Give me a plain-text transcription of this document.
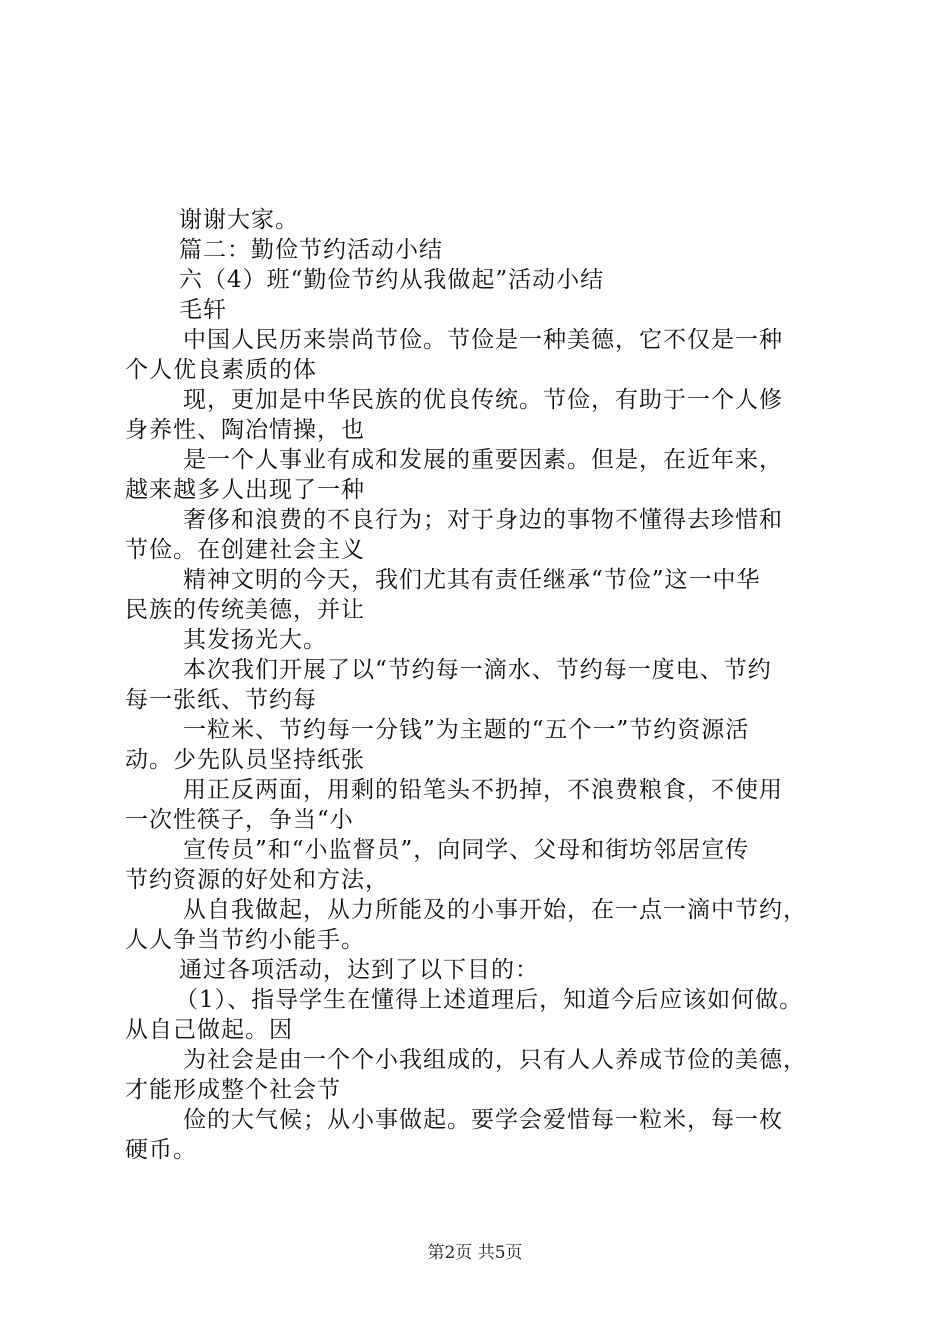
谢谢大家。
篇二：勤俭节约活动小结
六（4）班“勤俭节约从我做起”活动小结
毛轩
中国人民历来崇尚节俭。节俭是一种美德，它不仅是一种
个人优良素质的体
现，更加是中华民族的优良传统。节俭，有助于一个人修
身养性、陶冶情操，也
是一个人事业有成和发展的重要因素。但是，在近年来，
越来越多人出现了一种
奢侈和浪费的不良行为；对于身边的事物不懂得去珍惜和
节俭。在创建社会主义
精神文明的今天，我们尤其有责任继承“节俭”这一中华
民族的传统美德，并让
其发扬光大。
本次我们开展了以“节约每一滴水、节约每一度电、节约
每一张纸、节约每
一粒米、节约每一分钱”为主题的“五个一”节约资源活
动。少先队员坚持纸张
用正反两面，用剩的铅笔头不扔掉，不浪费粮食，不使用
一次性筷子，争当“小
宣传员”和“小监督员”，向同学、父母和街坊邻居宣传
节约资源的好处和方法，
从自我做起，从力所能及的小事开始，在一点一滴中节约，
人人争当节约小能手。
通过各项活动，达到了以下目的：
（1）、指导学生在懂得上述道理后，知道今后应该如何做。
从自己做起。因
为社会是由一个个小我组成的，只有人人养成节俭的美德，
才能形成整个社会节
俭的大气候；从小事做起。要学会爱惜每一粒米，每一枚
硬币。
第2页 共5页
